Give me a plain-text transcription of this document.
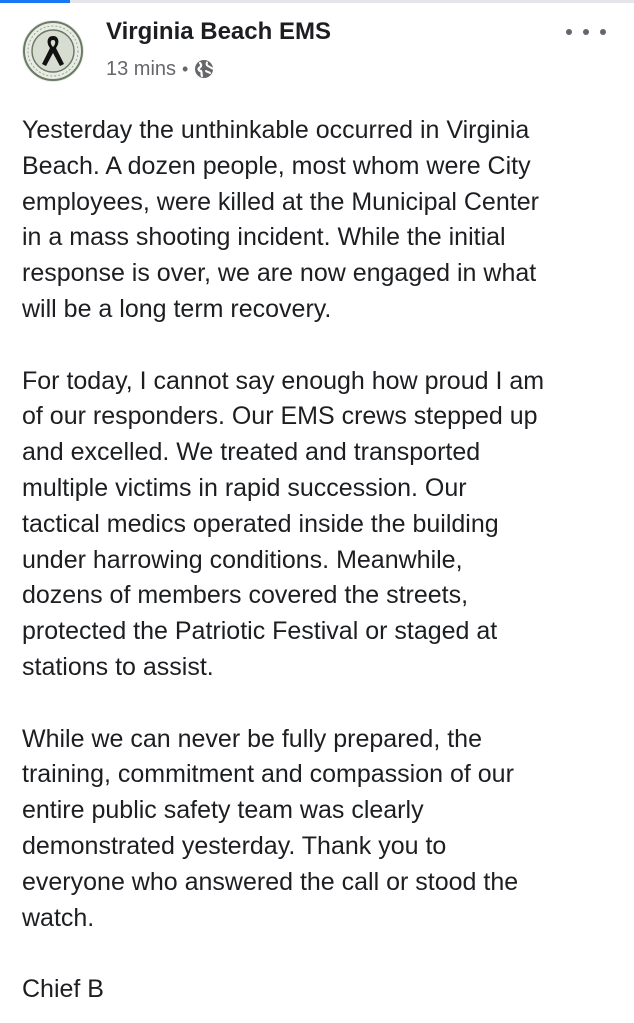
Virginia Beach EMS
13 mins •

Yesterday the unthinkable occurred in Virginia
Beach. A dozen people, most whom were City
employees, were killed at the Municipal Center
in a mass shooting incident. While the initial
response is over, we are now engaged in what
will be a long term recovery.

For today, I cannot say enough how proud I am
of our responders. Our EMS crews stepped up
and excelled. We treated and transported
multiple victims in rapid succession. Our
tactical medics operated inside the building
under harrowing conditions. Meanwhile,
dozens of members covered the streets,
protected the Patriotic Festival or staged at
stations to assist.

While we can never be fully prepared, the
training, commitment and compassion of our
entire public safety team was clearly
demonstrated yesterday. Thank you to
everyone who answered the call or stood the
watch.

Chief B
